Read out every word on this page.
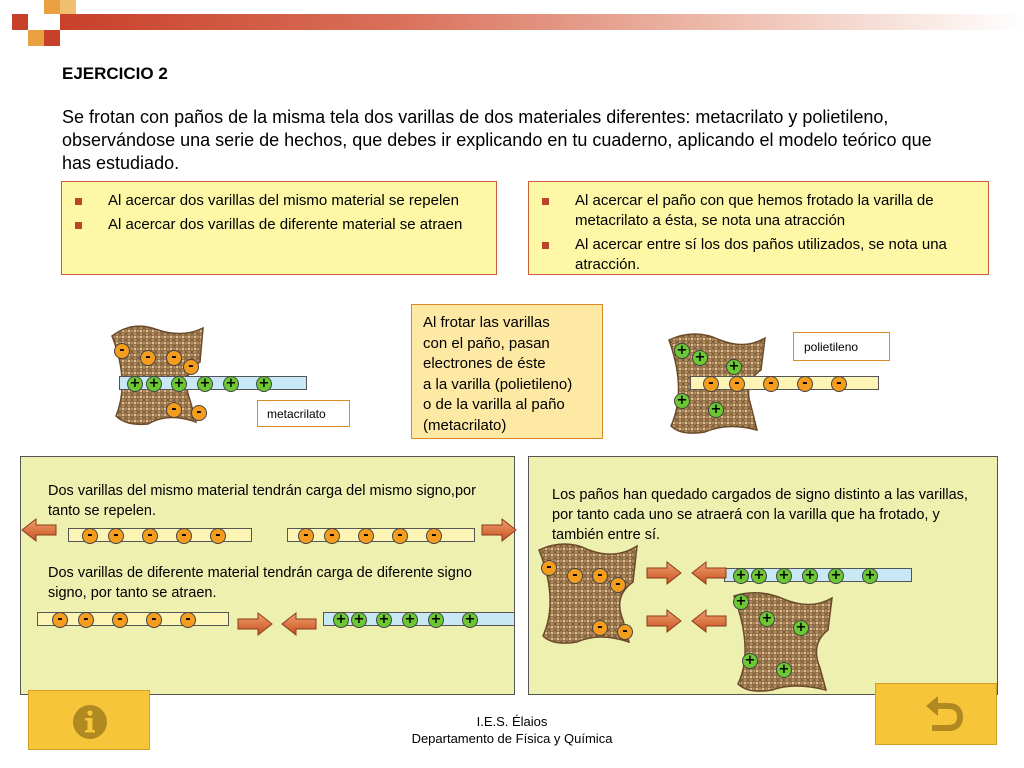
EJERCICIO 2
Se frotan con paños de la misma tela dos varillas de dos materiales diferentes: metacrilato y polietileno, observándose una serie de hechos, que debes ir explicando en tu cuaderno, aplicando el modelo teórico que has estudiado.
Al acercar dos varillas del mismo material se repelen
Al acercar dos varillas de diferente material se atraen
Al acercar el paño con que hemos frotado la varilla de metacrilato a ésta, se nota una atracción
Al acercar entre sí los dos paños utilizados, se nota una atracción.
Al frotar las varillas
con el paño, pasan
electrones de éste
a la varilla (polietileno)
o de la varilla al paño
(metacrilato)
metacrilato
polietileno
Dos varillas del mismo material tendrán carga del mismo signo,por tanto se repelen.
Dos varillas de diferente material tendrán carga de diferente signo signo, por tanto se atraen.
Los paños han quedado cargados de signo distinto a las varillas, por tanto cada uno se atraerá con la varilla que ha frotado, y también entre sí.
+ + + + + +
+ +
+
+
+
+ + + + + +
+ + + + + +
+
+
+
+
+
-	-	-
-
-	-
-	-	-	-	-
-	-	-	-	-	-	-	-	-	-
-	-	-	-	-
-
-	-
-
-	-
I.E.S. Élaios
Departamento de Física y Química
